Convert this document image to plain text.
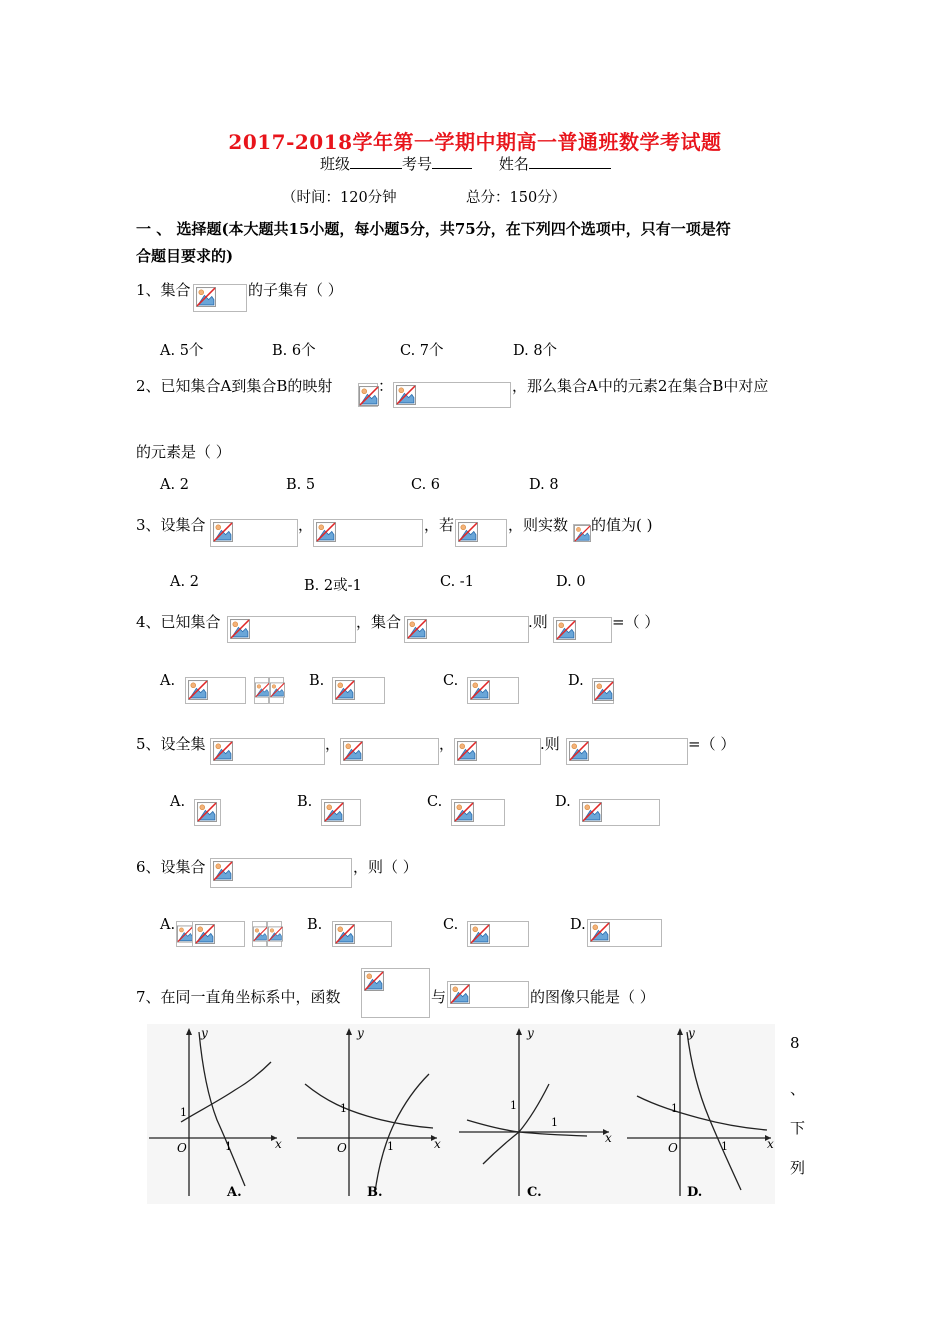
2017-2018学年第一学期中期高一普通班数学考试题
班级	考号	姓名
（时间：120分钟	总分：150分）
一 、 选择题(本大题共15小题，每小题5分，共75分，在下列四个选项中，只有一项是符
合题目要求的)
1、集合	的子集有（ ）
A. 5个	B. 6个	C. 7个	D. 8个
2、已知集合A到集合B的映射	：	，那么集合A中的元素2在集合B中对应
的元素是（ ）
A. 2	B. 5	C. 6	D. 8
3、设集合	，	，若	，则实数 的值为( )
A. 2	B. 2或-1	C. -1	D. 0
4、已知集合	，集合	.则	=（ ）
A.	B.	C.	D.
5、设全集	，	，	.则	=（ ）
A.	B.	C.	D.
6、设集合	，则（ ）
A.	B.	C.	D.
7、在同一直角坐标系中，函数	与	的图像只能是（ ）
y
x
O
1
1
A.
y
x
O
1
1
B.
y
x
1
1
C.
y
x
O
1
1
D.
8
、
下
列
